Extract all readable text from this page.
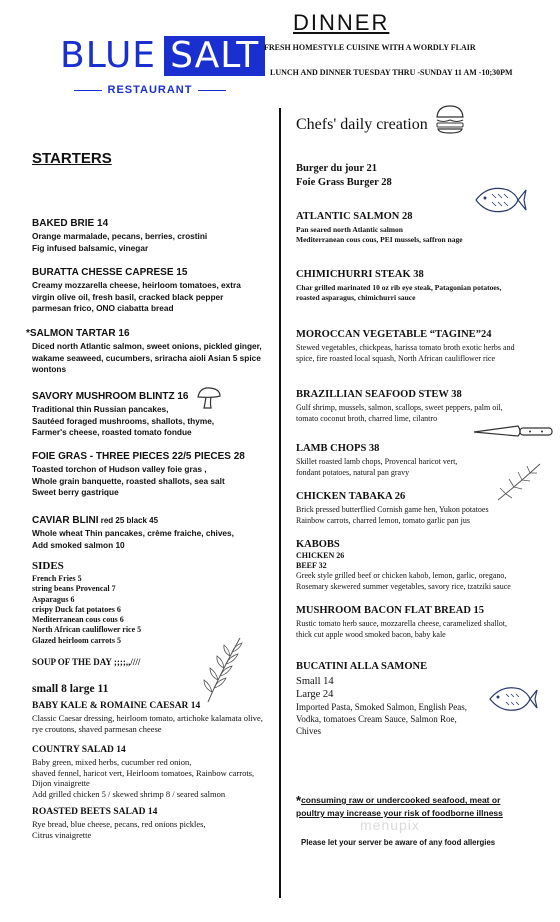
BLUE SALT
RESTAURANT
DINNER
FRESH HOMESTYLE CUISINE WITH A WORDLY FLAIR
LUNCH AND DINNER TUESDAY THRU -SUNDAY 11 AM -10;30PM
STARTERS
BAKED BRIE 14
Orange marmalade, pecans, berries, crostini
Fig infused balsamic, vinegar
BURATTA CHESSE CAPRESE 15
Creamy mozzarella cheese, heirloom tomatoes, extra
virgin olive oil, fresh basil, cracked black pepper
parmesan frico, ONO ciabatta bread
*SALMON TARTAR 16
Diced north Atlantic salmon, sweet onions, pickled ginger,
wakame seaweed, cucumbers, sriracha aioli Asian 5 spice
wontons
SAVORY MUSHROOM BLINTZ 16
Traditional thin Russian pancakes,
Sautéed foraged mushrooms, shallots, thyme,
Farmer's cheese, roasted tomato fondue
FOIE GRAS - THREE PIECES 22/5 PIECES 28
Toasted torchon of Hudson valley foie gras ,
Whole grain banquette, roasted shallots, sea salt
Sweet berry gastrique
CAVIAR BLINI red 25 black 45
Whole wheat Thin pancakes, crème fraiche, chives,
Add smoked salmon 10
SIDES
French Fries 5
string beans Provencal 7
Asparagus 6
crispy Duck fat potatoes 6
Mediterranean cous cous 6
North African cauliflower rice 5
Glazed heirloom carrots 5
SOUP OF THE DAY ;;;;,,////
small 8 large 11
BABY KALE & ROMAINE CAESAR 14
Classic Caesar dressing, heirloom tomato, artichoke kalamata olive,
rye croutons, shaved parmesan cheese
COUNTRY SALAD 14
Baby green, mixed herbs, cucumber red onion,
shaved fennel, haricot vert, Heirloom tomatoes, Rainbow carrots,
Dijon vinaigrette
Add grilled chicken 5 / skewed shrimp 8 / seared salmon
ROASTED BEETS SALAD 14
Rye bread, blue cheese, pecans, red onions pickles,
Citrus vinaigrette
Chefs' daily creation
Burger du jour 21
Foie Grass Burger 28
ATLANTIC SALMON 28
Pan seared north Atlantic salmon
Mediterranean cous cous, PEI mussels, saffron nage
CHIMICHURRI STEAK 38
Char grilled marinated 10 oz rib eye steak, Patagonian potatoes,
roasted asparagus, chimichurri sauce
MOROCCAN VEGETABLE “TAGINE”24
Stewed vegetables, chickpeas, harissa tomato broth exotic herbs and
spice, fire roasted local squash, North African cauliflower rice
BRAZILLIAN SEAFOOD STEW 38
Gulf shrimp, mussels, salmon, scallops, sweet peppers, palm oil,
tomato coconut broth, charred lime, cilantro
LAMB CHOPS 38
Skillet roasted lamb chops, Provencal haricot vert,
fondant potatoes, natural pan gravy
CHICKEN TABAKA 26
Brick pressed butterflied Cornish game hen, Yukon potatoes
Rainbow carrots, charred lemon, tomato garlic pan jus
KABOBS
CHICKEN 26
BEEF 32
Greek style grilled beef or chicken kabob, lemon, garlic, oregano,
Rosemary skewered summer vegetables, savory rice, tzatziki sauce
MUSHROOM BACON FLAT BREAD 15
Rustic tomato herb sauce, mozzarella cheese, caramelized shallot,
thick cut apple wood smoked bacon, baby kale
BUCATINI ALLA SAMONE
Small 14
Large 24
Imported Pasta, Smoked Salmon, English Peas,
Vodka, tomatoes Cream Sauce, Salmon Roe,
Chives
*consuming raw or undercooked seafood, meat or poultry may increase your risk of foodborne illness
menupix
Please let your server be aware of any food allergies
